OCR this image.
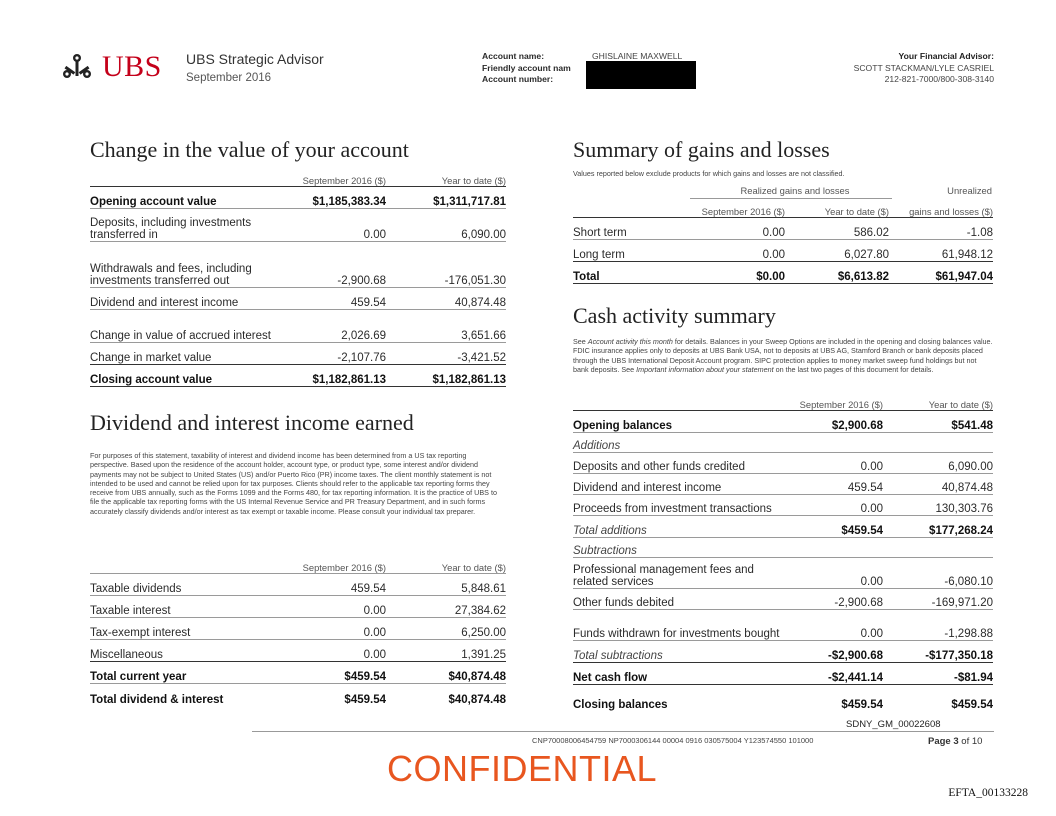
UBS UBS Strategic Advisor
September 2016
Account name:	GHISLAINE MAXWELL
Friendly account nam
Account number:
Your Financial Advisor:
SCOTT STACKMAN/LYLE CASRIEL
212-821-7000/800-308-3140
Change in the value of your account
	September 2016 ($)	Year to date ($)
Opening account value	$1,185,383.34	$1,311,717.81
Deposits, including investments transferred in	0.00	6,090.00
Withdrawals and fees, including investments transferred out	-2,900.68	-176,051.30
Dividend and interest income	459.54	40,874.48
Change in value of accrued interest	2,026.69	3,651.66
Change in market value	-2,107.76	-3,421.52
Closing account value	$1,182,861.13	$1,182,861.13
Dividend and interest income earned
For purposes of this statement, taxability of interest and dividend income has been determined from a US tax reporting perspective. Based upon the residence of the account holder, account type, or product type, some interest and/or dividend payments may not be subject to United States (US) and/or Puerto Rico (PR) income taxes. The client monthly statement is not intended to be used and cannot be relied upon for tax purposes. Clients should refer to the applicable tax reporting forms they receive from UBS annually, such as the Forms 1099 and the Forms 480, for tax reporting information. It is the practice of UBS to file the applicable tax reporting forms with the US Internal Revenue Service and PR Treasury Department, and in such forms accurately classify dividends and/or interest as tax exempt or taxable income. Please consult your individual tax preparer.
	September 2016 ($)	Year to date ($)
Taxable dividends	459.54	5,848.61
Taxable interest	0.00	27,384.62
Tax-exempt interest	0.00	6,250.00
Miscellaneous	0.00	1,391.25
Total current year	$459.54	$40,874.48
Total dividend & interest	$459.54	$40,874.48
Summary of gains and losses
Values reported below exclude products for which gains and losses are not classified.
Realized gains and losses	Unrealized
	September 2016 ($)	Year to date ($)	gains and losses ($)
Short term	0.00	586.02	-1.08
Long term	0.00	6,027.80	61,948.12
Total	$0.00	$6,613.82	$61,947.04
Cash activity summary
See Account activity this month for details. Balances in your Sweep Options are included in the opening and closing balances value. FDIC insurance applies only to deposits at UBS Bank USA, not to deposits at UBS AG, Stamford Branch or bank deposits placed through the UBS International Deposit Account program. SIPC protection applies to money market sweep fund holdings but not bank deposits. See Important information about your statement on the last two pages of this document for details.
	September 2016 ($)	Year to date ($)
Opening balances	$2,900.68	$541.48
Additions		
Deposits and other funds credited	0.00	6,090.00
Dividend and interest income	459.54	40,874.48
Proceeds from investment transactions	0.00	130,303.76
Total additions	$459.54	$177,268.24
Subtractions		
Professional management fees and related services	0.00	-6,080.10
Other funds debited	-2,900.68	-169,971.20
Funds withdrawn for investments bought	0.00	-1,298.88
Total subtractions	-$2,900.68	-$177,350.18
Net cash flow	-$2,441.14	-$81.94
Closing balances	$459.54	$459.54
SDNY_GM_00022608
CNP70008006454759 NP7000306144 00004 0916 030575004 Y123574550 101000	Page 3 of 10
CONFIDENTIAL
EFTA_00133228
